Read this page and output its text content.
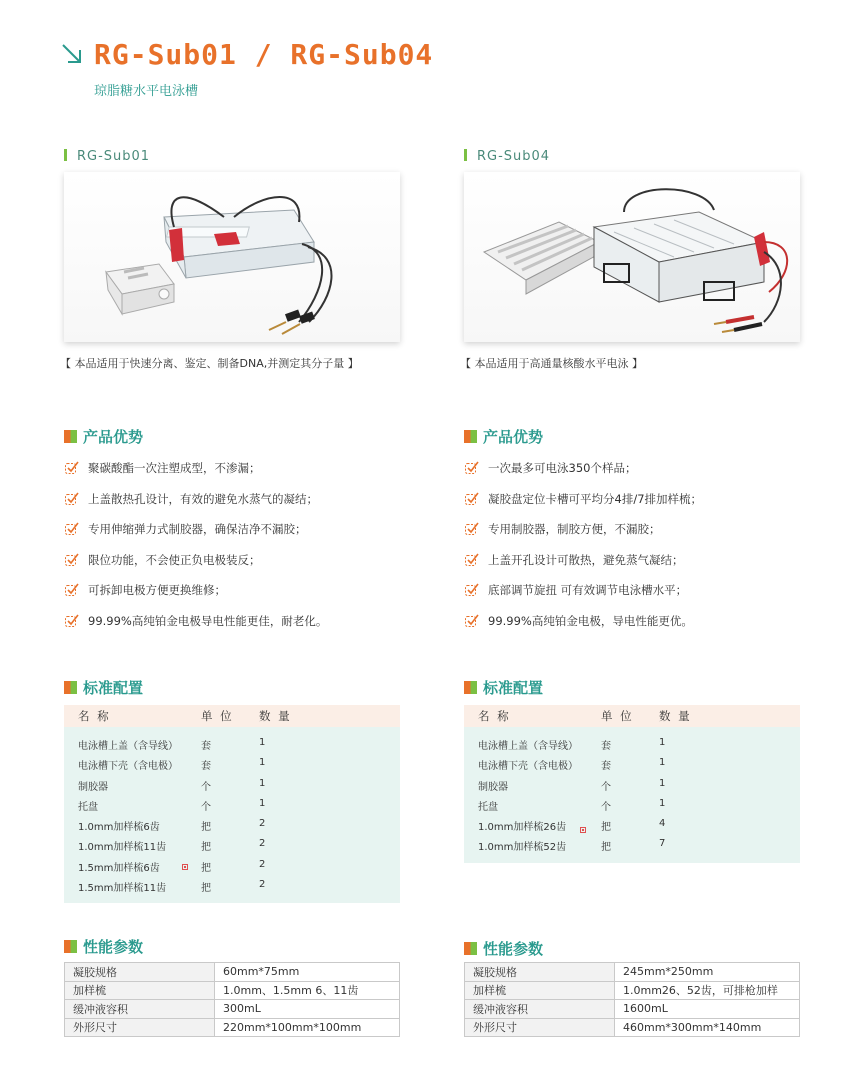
RG-Sub01 / RG-Sub04
琼脂糖水平电泳槽
RG-Sub01
【 本品适用于快速分离、鉴定、制备DNA,并测定其分子量 】
产品优势
聚碳酸酯一次注塑成型，不渗漏；
上盖散热孔设计，有效的避免水蒸气的凝结；
专用伸缩弹力式制胶器，确保洁净不漏胶；
限位功能，不会使正负电极装反；
可拆卸电极方便更换维修；
99.99%高纯铂金电极导电性能更佳，耐老化。
标准配置
名 称	单 位 数 量
电泳槽上盖（含导线） 套	1
电泳槽下壳（含电极） 套	1
制胶器	个	1
托盘	个	1
1.0mm加样梳6齿	把	2
1.0mm加样梳11齿	把	2
1.5mm加样梳6齿	把	2
1.5mm加样梳11齿	把	2
性能参数
凝胶规格	60mm*75mm
加样梳	1.0mm、1.5mm 6、11齿
缓冲液容积	300mL
外形尺寸	220mm*100mm*100mm
RG-Sub04
【 本品适用于高通量核酸水平电泳 】
产品优势
一次最多可电泳350个样品；
凝胶盘定位卡槽可平均分4排/7排加样梳；
专用制胶器，制胶方便，不漏胶；
上盖开孔设计可散热，避免蒸气凝结；
底部调节旋扭 可有效调节电泳槽水平；
99.99%高纯铂金电极，导电性能更优。
标准配置
名 称	单 位 数 量
电泳槽上盖（含导线） 套	1
电泳槽下壳（含电极） 套	1
制胶器	个	1
托盘	个	1
1.0mm加样梳26齿	把	4
1.0mm加样梳52齿	把	7
性能参数
凝胶规格	245mm*250mm
加样梳	1.0mm26、52齿，可排枪加样
缓冲液容积	1600mL
外形尺寸	460mm*300mm*140mm
